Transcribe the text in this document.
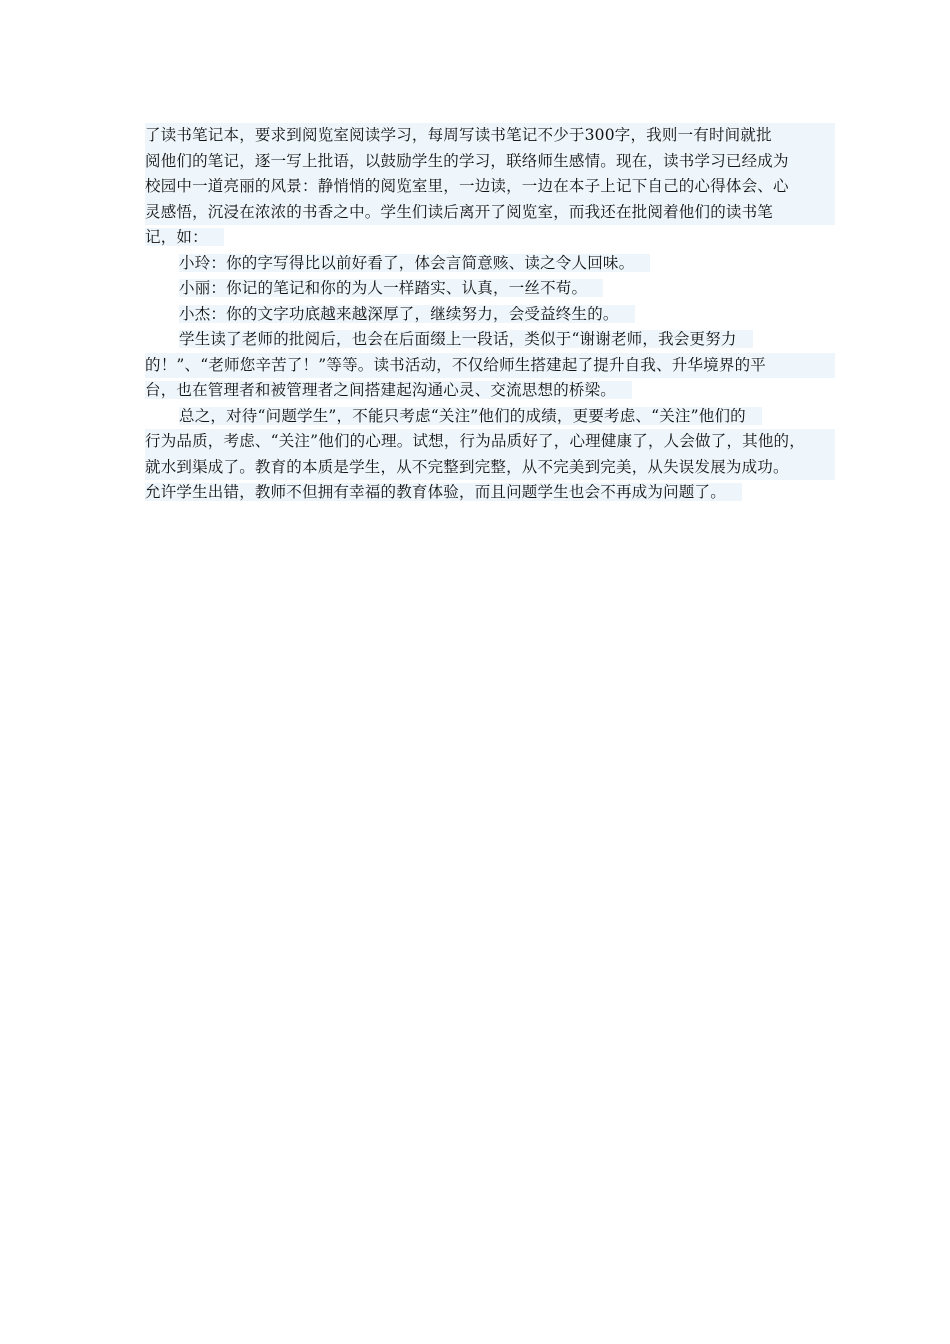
了读书笔记本，要求到阅览室阅读学习，每周写读书笔记不少于300字，我则一有时间就批
阅他们的笔记，逐一写上批语，以鼓励学生的学习，联络师生感情。现在，读书学习已经成为
校园中一道亮丽的风景：静悄悄的阅览室里，一边读，一边在本子上记下自己的心得体会、心
灵感悟，沉浸在浓浓的书香之中。学生们读后离开了阅览室，而我还在批阅着他们的读书笔
记，如：
小玲：你的字写得比以前好看了，体会言简意赅、读之令人回味。
小丽：你记的笔记和你的为人一样踏实、认真，一丝不苟。
小杰：你的文字功底越来越深厚了，继续努力，会受益终生的。
学生读了老师的批阅后，也会在后面缀上一段话，类似于“谢谢老师，我会更努力
的！”、“老师您辛苦了！”等等。读书活动，不仅给师生搭建起了提升自我、升华境界的平
台，也在管理者和被管理者之间搭建起沟通心灵、交流思想的桥梁。
总之，对待“问题学生”，不能只考虑“关注”他们的成绩，更要考虑、“关注”他们的
行为品质，考虑、“关注”他们的心理。试想，行为品质好了，心理健康了，人会做了，其他的，
就水到渠成了。教育的本质是学生，从不完整到完整，从不完美到完美，从失误发展为成功。
允许学生出错，教师不但拥有幸福的教育体验，而且问题学生也会不再成为问题了。
